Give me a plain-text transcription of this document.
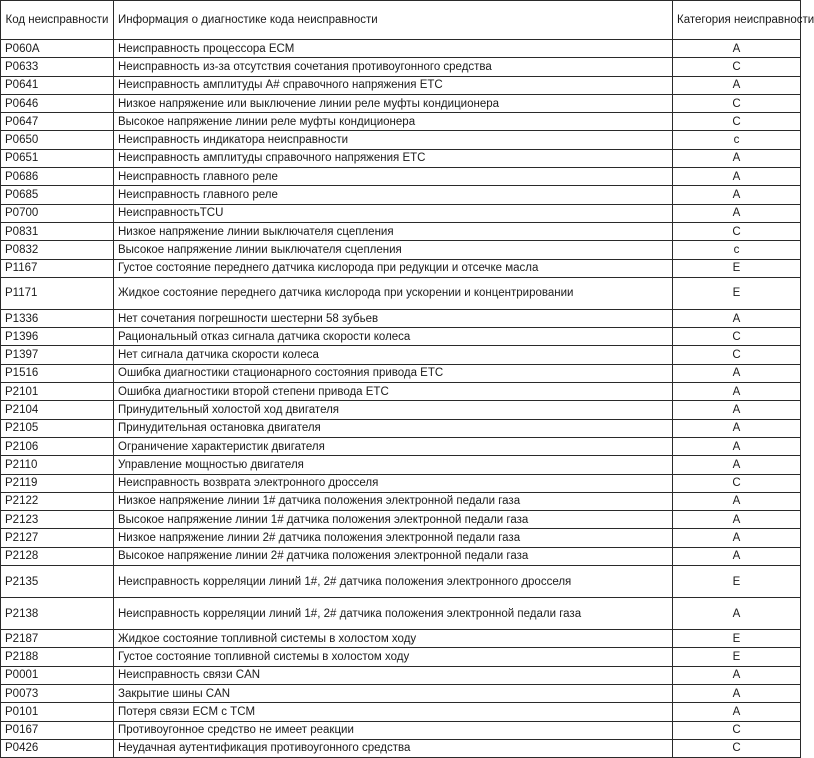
Код неисправности	Информация о диагностике кода неисправности	Категория неисправности
P060A	Неисправность процессора ECM	A
P0633	Неисправность из-за отсутствия сочетания противоугонного средства	C
P0641	Неисправность амплитуды А# справочного напряжения ETC	A
P0646	Низкое напряжение или выключение линии реле муфты кондиционера	C
P0647	Высокое напряжение линии реле муфты кондиционера	C
P0650	Неисправность индикатора неисправности	c
P0651	Неисправность амплитуды справочного напряжения ETC	A
P0686	Неисправность главного реле	A
P0685	Неисправность главного реле	A
P0700	НеисправностьTCU	A
P0831	Низкое напряжение линии выключателя сцепления	C
P0832	Высокое напряжение линии выключателя сцепления	c
P1167	Густое состояние переднего датчика кислорода при редукции и отсечке масла	E
P1171	Жидкое состояние переднего датчика кислорода при ускорении и концентрировании	E
P1336	Нет сочетания погрешности шестерни 58 зубьев	A
P1396	Рациональный отказ сигнала датчика скорости колеса	C
P1397	Нет сигнала датчика скорости колеса	C
P1516	Ошибка диагностики стационарного состояния привода ETC	A
P2101	Ошибка диагностики второй степени привода ETC	A
P2104	Принудительный холостой ход двигателя	A
P2105	Принудительная остановка двигателя	A
P2106	Ограничение характеристик двигателя	A
P2110	Управление мощностью двигателя	A
P2119	Неисправность возврата электронного дросселя	C
P2122	Низкое напряжение линии 1# датчика положения электронной педали газа	A
P2123	Высокое напряжение линии 1# датчика положения электронной педали газа	A
P2127	Низкое напряжение линии 2# датчика положения электронной педали газа	A
P2128	Высокое напряжение линии 2# датчика положения электронной педали газа	A
P2135	Неисправность корреляции линий 1#, 2# датчика положения электронного дросселя	E
P2138	Неисправность корреляции линий 1#, 2# датчика положения электронной педали газа	A
P2187	Жидкое состояние топливной системы в холостом ходу	E
P2188	Густое состояние топливной системы в холостом ходу	E
P0001	Неисправность связи CAN	A
P0073	Закрытие шины CAN	A
P0101	Потеря связи ECM с TCM	A
P0167	Противоугонное средство не имеет реакции	C
P0426	Неудачная аутентификация противоугонного средства	C
